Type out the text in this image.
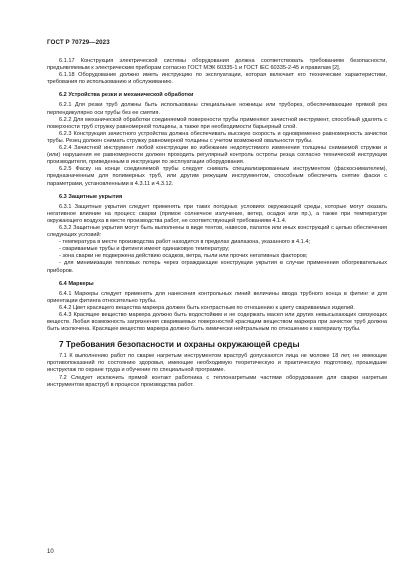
ГОСТ Р 70729—2023

6.1.17 Конструкция электрической системы оборудования должна соответствовать требованиям безопасности, предъявляемым к электрическим приборам согласно ГОСТ МЭК 60335-1 и ГОСТ IEC 60335-2-45 и правилам [2].

6.1.18 Оборудование должно иметь инструкцию по эксплуатации, которая включает его технические характеристики, требования по использованию и обслуживанию.

6.2 Устройства резки и механической обработки

6.2.1 Для резки труб должны быть использованы специальные ножницы или труборез, обеспечивающие прямой рез перпендикулярно оси трубы без ее смятия.

6.2.2 Для механической обработки соединяемой поверхности трубы применяют зачистной инструмент, способный удалять с поверхности труб стружку равномерной толщины, а также при необходимости барьерный слой.

6.2.3 Конструкция зачистного устройства должна обеспечивать высокую скорость и одновременно равномерность зачистки трубы. Резец должен снимать стружку равномерной толщины с учетом возможной овальности трубы.

6.2.4 Зачистной инструмент любой конструкции во избежание недопустимого изменения толщины снимаемой стружки и (или) нарушения ее равномерности должен проходить регулярный контроль остроты резца согласно технической инструкции производителя, приведенным в инструкции по эксплуатации оборудования.

6.2.5 Фаску на конце соединяемой трубы следует снимать специализированным инструментом (фаскоснимателем), предназначенным для полимерных труб, или другим режущим инструментом, способным обеспечить снятие фаски с параметрами, установленными в 4.3.11 и 4.3.12.

6.3 Защитные укрытия

6.3.1 Защитные укрытия следует применять при таких погодных условиях окружающей среды, которые могут оказать негативное влияние на процесс сварки (прямое солнечное излучение, ветер, осадки или пр.), а также при температуре окружающего воздуха в месте производства работ, не соответствующей требованиям 4.1.4.

6.3.2 Защитные укрытия могут быть выполнены в виде тентов, навесов, палаток или иных конструкций с целью обеспечения следующих условий:

- температура в месте производства работ находится в пределах диапазона, указанного в 4.1.4;
- свариваемые трубы и фитинги имеют одинаковую температуру;
- зона сварки не подвержена действию осадков, ветра, пыли или прочих негативных факторов;
- для минимизации тепловых потерь через ограждающие конструкции укрытия в случае применения обогревательных приборов.

6.4 Маркеры

6.4.1 Маркеры следует применять для нанесения контрольных линий величины ввода трубного конца в фитинг и для ориентации фитинга относительно трубы.

6.4.2 Цвет красящего вещества маркера должен быть контрастным по отношению к цвету свариваемых изделий.

6.4.3 Красящее вещество маркера должно быть водостойким и не содержать масел или других невысыхающих связующих веществ. Любая возможность загрязнения свариваемых поверхностей красящим веществом маркера при зачистке труб должна быть исключена. Красящее вещество маркера должно быть химически нейтральным по отношению к материалу трубы.

7 Требования безопасности и охраны окружающей среды

7.1 К выполнению работ по сварке нагретым инструментом враструб допускаются лица не моложе 18 лет, не имеющие противопоказаний по состоянию здоровья, имеющие необходимую теоретическую и практическую подготовку, прошедшие инструктаж по охране труда и обучение по специальной программе.

7.2 Следует исключить прямой контакт работника с теплонагретыми частями оборудования для сварки нагретым инструментом враструб в процессе производства работ.

10
